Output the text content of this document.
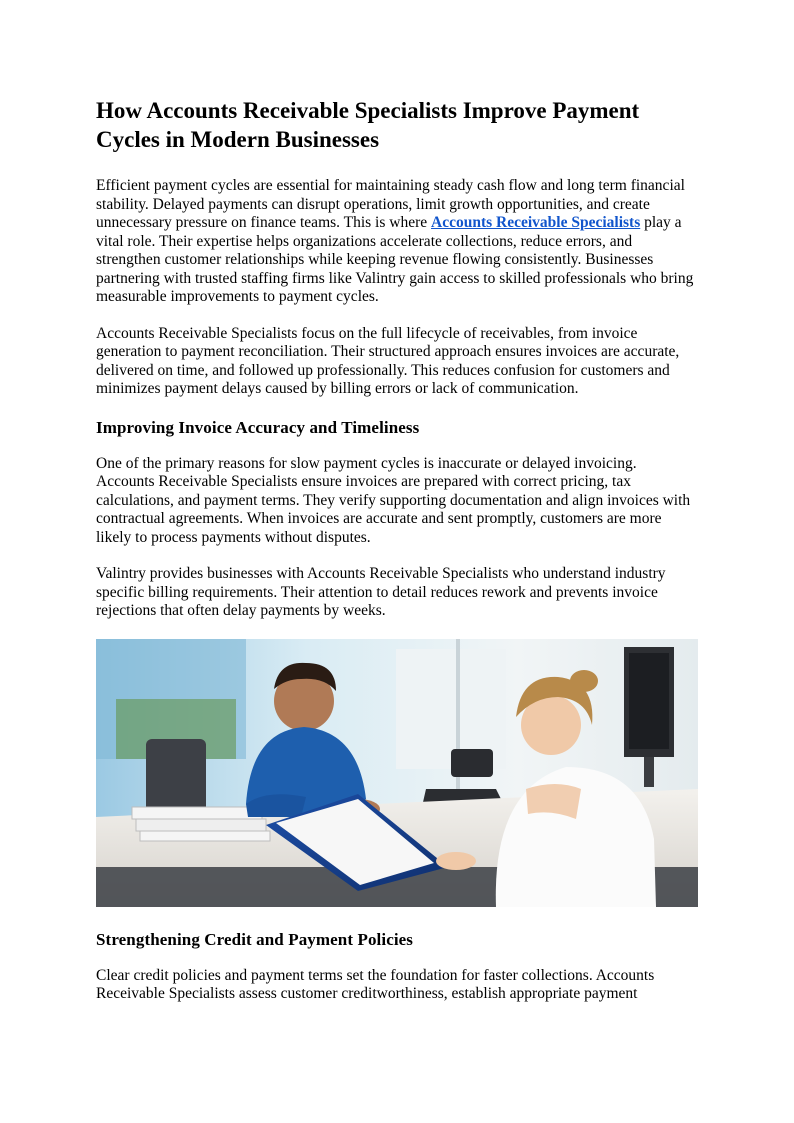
How Accounts Receivable Specialists Improve Payment Cycles in Modern Businesses

Efficient payment cycles are essential for maintaining steady cash flow and long term financial stability. Delayed payments can disrupt operations, limit growth opportunities, and create unnecessary pressure on finance teams. This is where Accounts Receivable Specialists play a vital role. Their expertise helps organizations accelerate collections, reduce errors, and strengthen customer relationships while keeping revenue flowing consistently. Businesses partnering with trusted staffing firms like Valintry gain access to skilled professionals who bring measurable improvements to payment cycles.

Accounts Receivable Specialists focus on the full lifecycle of receivables, from invoice generation to payment reconciliation. Their structured approach ensures invoices are accurate, delivered on time, and followed up professionally. This reduces confusion for customers and minimizes payment delays caused by billing errors or lack of communication.

Improving Invoice Accuracy and Timeliness

One of the primary reasons for slow payment cycles is inaccurate or delayed invoicing. Accounts Receivable Specialists ensure invoices are prepared with correct pricing, tax calculations, and payment terms. They verify supporting documentation and align invoices with contractual agreements. When invoices are accurate and sent promptly, customers are more likely to process payments without disputes.

Valintry provides businesses with Accounts Receivable Specialists who understand industry specific billing requirements. Their attention to detail reduces rework and prevents invoice rejections that often delay payments by weeks.

Strengthening Credit and Payment Policies

Clear credit policies and payment terms set the foundation for faster collections. Accounts Receivable Specialists assess customer creditworthiness, establish appropriate payment
